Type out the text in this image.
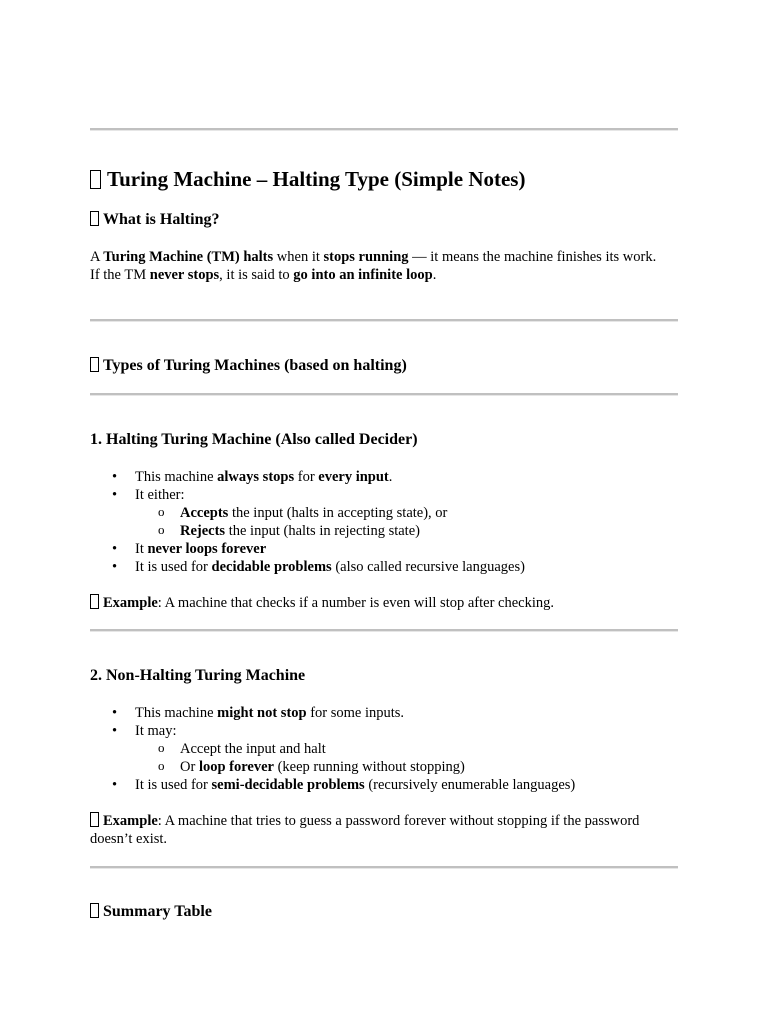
Turing Machine – Halting Type (Simple Notes)
What is Halting?

A Turing Machine (TM) halts when it stops running — it means the machine finishes its work.

If the TM never stops, it is said to go into an infinite loop.

Types of Turing Machines (based on halting)
1. Halting Turing Machine (Also called Decider)
• This machine always stops for every input.
• It either:
o Accepts the input (halts in accepting state), or
o Rejects the input (halts in rejecting state)
• It never loops forever
• It is used for decidable problems (also called recursive languages)
Example: A machine that checks if a number is even will stop after checking.
2. Non-Halting Turing Machine
• This machine might not stop for some inputs.
• It may:
o Accept the input and halt
o Or loop forever (keep running without stopping)
• It is used for semi-decidable problems (recursively enumerable languages)
Example: A machine that tries to guess a password forever without stopping if the password doesn’t exist.
Summary Table
